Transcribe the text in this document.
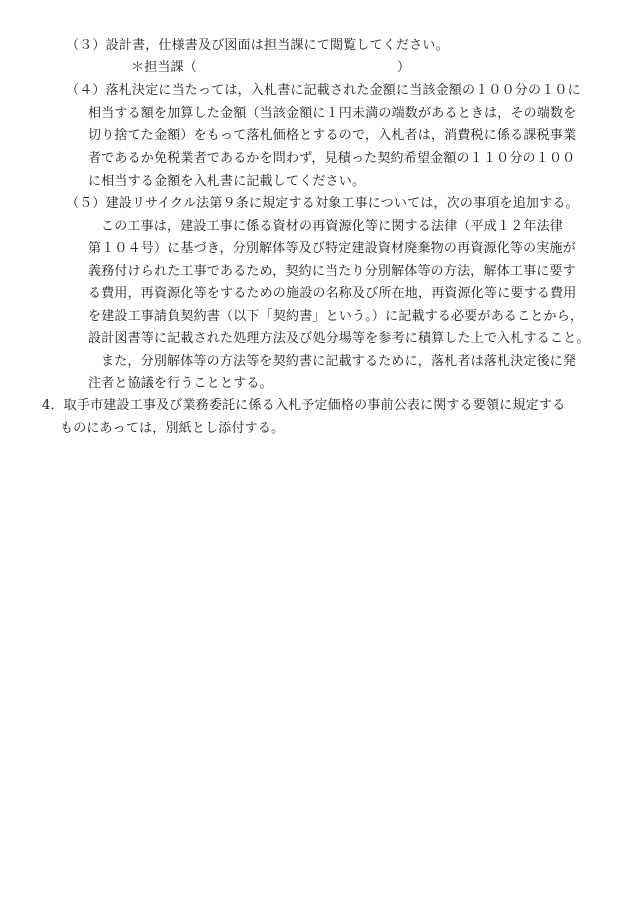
（３）設計書，仕様書及び図面は担当課にて閲覧してください。
＊担当課（	）
（４）落札決定に当たっては，入札書に記載された金額に当該金額の１００分の１０に
相当する額を加算した金額（当該金額に１円未満の端数があるときは，その端数を
切り捨てた金額）をもって落札価格とするので，入札者は，消費税に係る課税事業
者であるか免税業者であるかを問わず，見積った契約希望金額の１１０分の１００
に相当する金額を入札書に記載してください。
（５）建設リサイクル法第９条に規定する対象工事については，次の事項を追加する。
この工事は，建設工事に係る資材の再資源化等に関する法律（平成１２年法律
第１０４号）に基づき，分別解体等及び特定建設資材廃棄物の再資源化等の実施が
義務付けられた工事であるため，契約に当たり分別解体等の方法，解体工事に要す
る費用，再資源化等をするための施設の名称及び所在地，再資源化等に要する費用
を建設工事請負契約書（以下「契約書」という。）に記載する必要があることから，
設計図書等に記載された処理方法及び処分場等を参考に積算した上で入札すること。
また，分別解体等の方法等を契約書に記載するために，落札者は落札決定後に発
注者と協議を行うこととする。
4．取手市建設工事及び業務委託に係る入札予定価格の事前公表に関する要領に規定する
ものにあっては，別紙とし添付する。
